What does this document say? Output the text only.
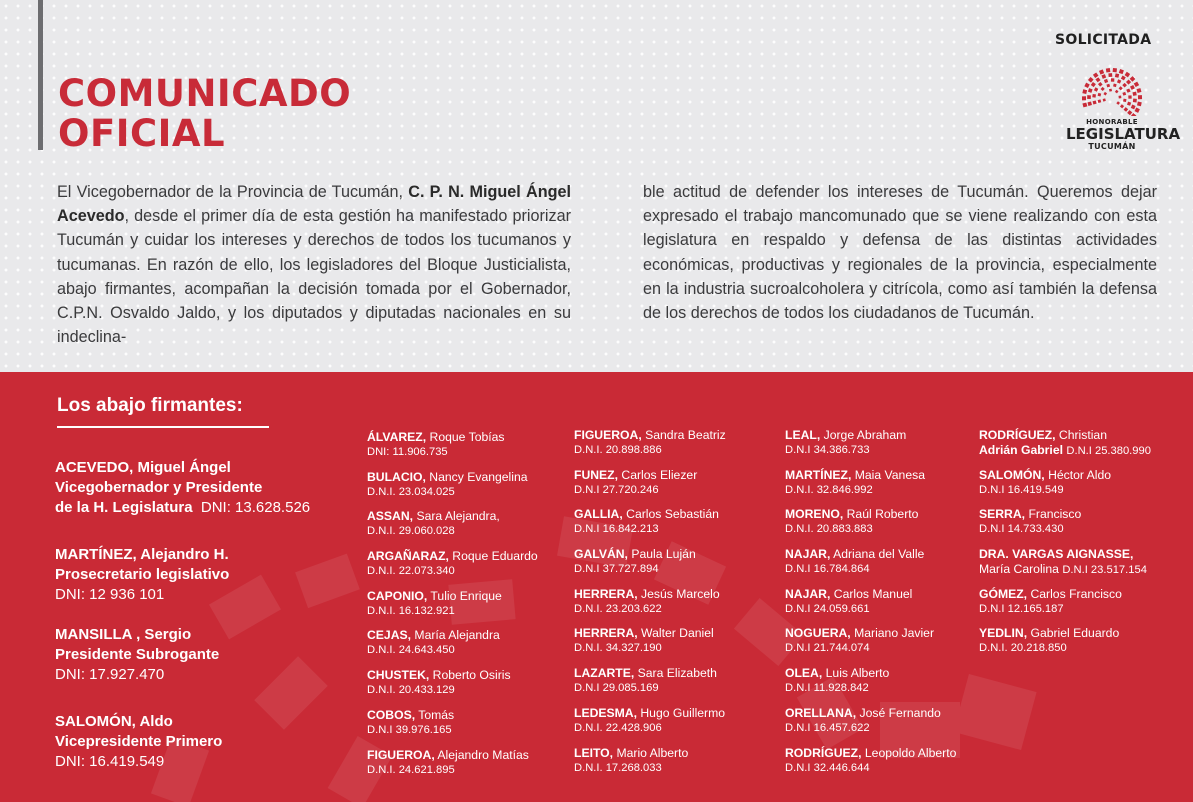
COMUNICADO
OFICIAL
SOLICITADA
HONORABLE
LEGISLATURA
TUCUMÁN
El Vicegobernador de la Provincia de Tucumán, C. P. N. Miguel Ángel Acevedo, desde el primer día de esta gestión ha manifestado priorizar Tucumán y cuidar los intereses y derechos de todos los tucumanos y tucumanas. En razón de ello, los legisladores del Bloque Justicialista, abajo firmantes, acompañan la decisión tomada por el Gobernador, C.P.N. Osvaldo Jaldo, y los diputados y diputadas nacionales en su indeclina-
ble actitud de defender los intereses de Tucumán. Queremos dejar expresado el trabajo mancomunado que se viene realizando con esta legislatura en respaldo y defensa de las distintas actividades económicas, productivas y regionales de la provincia, especialmente en la industria sucroalcoholera y citrícola, como así también la defensa de los derechos de todos los ciudadanos de Tucumán.
Los abajo firmantes:
ACEVEDO, Miguel Ángel
Vicegobernador y Presidente
de la H. Legislatura DNI: 13.628.526
MARTÍNEZ, Alejandro H.
Prosecretario legislativo
DNI: 12 936 101
MANSILLA , Sergio
Presidente Subrogante
DNI: 17.927.470
SALOMÓN, Aldo
Vicepresidente Primero
DNI: 16.419.549
ÁLVAREZ, Roque Tobías
DNI: 11.906.735
BULACIO, Nancy Evangelina
D.N.I. 23.034.025
ASSAN, Sara Alejandra,
D.N.I. 29.060.028
ARGAÑARAZ, Roque Eduardo
D.N.I. 22.073.340
CAPONIO, Tulio Enrique
D.N.I. 16.132.921
CEJAS, María Alejandra
D.N.I. 24.643.450
CHUSTEK, Roberto Osiris
D.N.I. 20.433.129
COBOS, Tomás
D.N.I 39.976.165
FIGUEROA, Alejandro Matías
D.N.I. 24.621.895
FIGUEROA, Sandra Beatriz
D.N.I. 20.898.886
FUNEZ, Carlos Eliezer
D.N.I 27.720.246
GALLIA, Carlos Sebastián
D.N.I 16.842.213
GALVÁN, Paula Luján
D.N.I 37.727.894
HERRERA, Jesús Marcelo
D.N.I. 23.203.622
HERRERA, Walter Daniel
D.N.I. 34.327.190
LAZARTE, Sara Elizabeth
D.N.I 29.085.169
LEDESMA, Hugo Guillermo
D.N.I. 22.428.906
LEITO, Mario Alberto
D.N.I. 17.268.033
LEAL, Jorge Abraham
D.N.I 34.386.733
MARTÍNEZ, Maia Vanesa
D.N.I. 32.846.992
MORENO, Raúl Roberto
D.N.I. 20.883.883
NAJAR, Adriana del Valle
D.N.I 16.784.864
NAJAR, Carlos Manuel
D.N.I 24.059.661
NOGUERA, Mariano Javier
D.N.I 21.744.074
OLEA, Luis Alberto
D.N.I 11.928.842
ORELLANA, José Fernando
D.N.I 16.457.622
RODRÍGUEZ, Leopoldo Alberto
D.N.I 32.446.644
RODRÍGUEZ, Christian
Adrián Gabriel D.N.I 25.380.990
SALOMÓN, Héctor Aldo
D.N.I 16.419.549
SERRA, Francisco
D.N.I 14.733.430
DRA. VARGAS AIGNASSE,
María Carolina D.N.I 23.517.154
GÓMEZ, Carlos Francisco
D.N.I 12.165.187
YEDLIN, Gabriel Eduardo
D.N.I. 20.218.850
